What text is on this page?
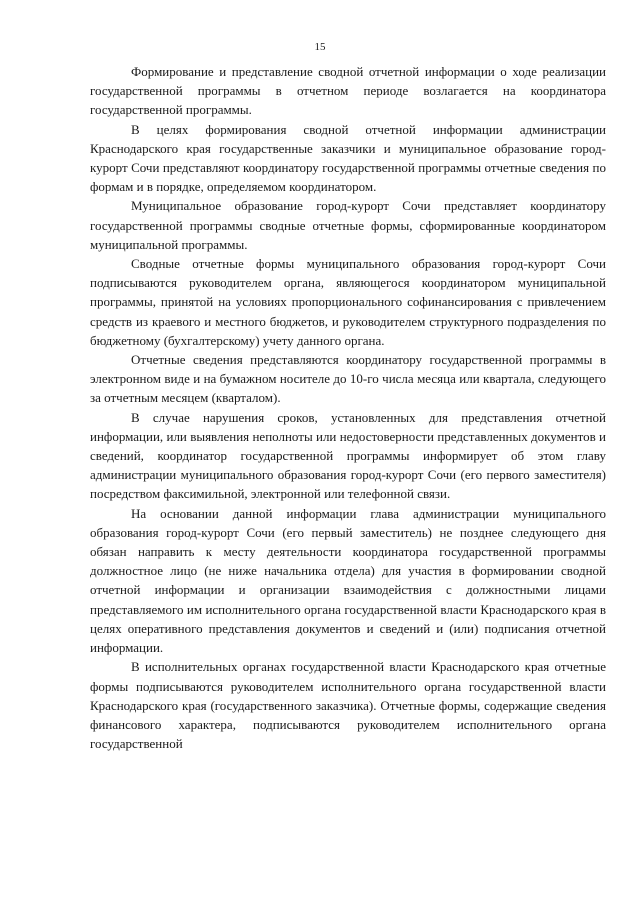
15

Формирование и представление сводной отчетной информации о ходе реализации государственной программы в отчетном периоде возлагается на координатора государственной программы.

В целях формирования сводной отчетной информации администрации Краснодарского края государственные заказчики и муниципальное образование город-курорт Сочи представляют координатору государственной программы отчетные сведения по формам и в порядке, определяемом координатором.

Муниципальное образование город-курорт Сочи представляет координатору государственной программы сводные отчетные формы, сформированные координатором муниципальной программы.

Сводные отчетные формы муниципального образования город-курорт Сочи подписываются руководителем органа, являющегося координатором муниципальной программы, принятой на условиях пропорционального софинансирования с привлечением средств из краевого и местного бюджетов, и руководителем структурного подразделения по бюджетному (бухгалтерскому) учету данного органа.

Отчетные сведения представляются координатору государственной программы в электронном виде и на бумажном носителе до 10-го числа месяца или квартала, следующего за отчетным месяцем (кварталом).

В случае нарушения сроков, установленных для представления отчетной информации, или выявления неполноты или недостоверности представленных документов и сведений, координатор государственной программы информирует об этом главу администрации муниципального образования город-курорт Сочи (его первого заместителя) посредством факсимильной, электронной или телефонной связи.

На основании данной информации глава администрации муниципального образования город-курорт Сочи (его первый заместитель) не позднее следующего дня обязан направить к месту деятельности координатора государственной программы должностное лицо (не ниже начальника отдела) для участия в формировании сводной отчетной информации и организации взаимодействия с должностными лицами представляемого им исполнительного органа государственной власти Краснодарского края в целях оперативного представления документов и сведений и (или) подписания отчетной информации.

В исполнительных органах государственной власти Краснодарского края отчетные формы подписываются руководителем исполнительного органа государственной власти Краснодарского края (государственного заказчика). Отчетные формы, содержащие сведения финансового характера, подписываются руководителем исполнительного органа государственной
